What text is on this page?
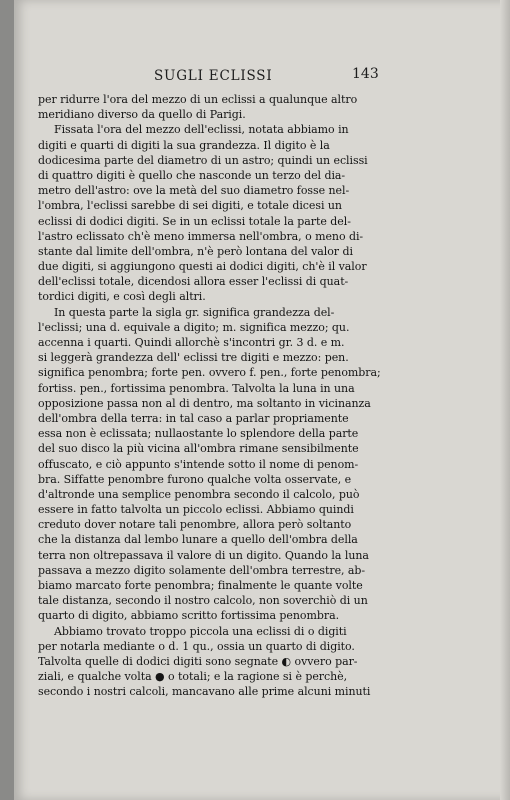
SUGLI ECLISSI	143
per ridurre l'ora del mezzo di un eclissi a qualunque altro
meridiano diverso da quello di Parigi.
Fissata l'ora del mezzo dell'eclissi, notata abbiamo in
digiti e quarti di digiti la sua grandezza. Il digito è la
dodicesima parte del diametro di un astro; quindi un eclissi
di quattro digiti è quello che nasconde un terzo del dia-
metro dell'astro: ove la metà del suo diametro fosse nel-
l'ombra, l'eclissi sarebbe di sei digiti, e totale dicesi un
eclissi di dodici digiti. Se in un eclissi totale la parte del-
l'astro eclissato ch'è meno immersa nell'ombra, o meno di-
stante dal limite dell'ombra, n'è però lontana del valor di
due digiti, si aggiungono questi ai dodici digiti, ch'è il valor
dell'eclissi totale, dicendosi allora esser l'eclissi di quat-
tordici digiti, e così degli altri.
In questa parte la sigla gr. significa grandezza del-
l'eclissi; una d. equivale a digito; m. significa mezzo; qu.
accenna i quarti. Quindi allorchè s'incontri gr. 3 d. e m.
si leggerà grandezza dell' eclissi tre digiti e mezzo: pen.
significa penombra; forte pen. ovvero f. pen., forte penombra;
fortiss. pen., fortissima penombra. Talvolta la luna in una
opposizione passa non al di dentro, ma soltanto in vicinanza
dell'ombra della terra: in tal caso a parlar propriamente
essa non è eclissata; nullaostante lo splendore della parte
del suo disco la più vicina all'ombra rimane sensibilmente
offuscato, e ciò appunto s'intende sotto il nome di penom-
bra. Siffatte penombre furono qualche volta osservate, e
d'altronde una semplice penombra secondo il calcolo, può
essere in fatto talvolta un piccolo eclissi. Abbiamo quindi
creduto dover notare tali penombre, allora però soltanto
che la distanza dal lembo lunare a quello dell'ombra della
terra non oltrepassava il valore di un digito. Quando la luna
passava a mezzo digito solamente dell'ombra terrestre, ab-
biamo marcato forte penombra; finalmente le quante volte
tale distanza, secondo il nostro calcolo, non soverchiò di un
quarto di digito, abbiamo scritto fortissima penombra.
Abbiamo trovato troppo piccola una eclissi di o digiti
per notarla mediante o d. 1 qu., ossia un quarto di digito.
Talvolta quelle di dodici digiti sono segnate ◐ ovvero par-
ziali, e qualche volta ● o totali; e la ragione si è perchè,
secondo i nostri calcoli, mancavano alle prime alcuni minuti
